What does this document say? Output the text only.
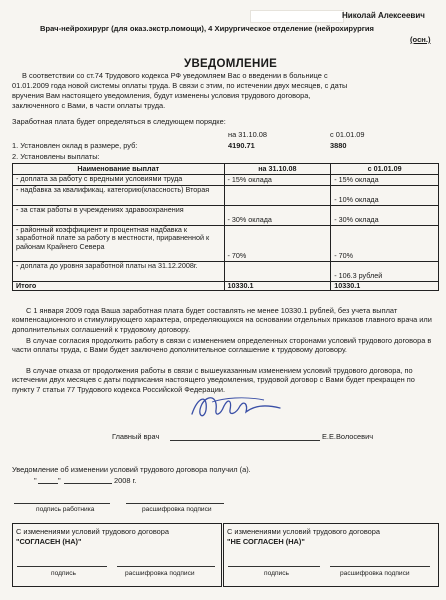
Николай Алексеевич
Врач-нейрохирург (для оказ.экстр.помощи), 4 Хирургическое отделение (нейрохирургия
(осн.)
УВЕДОМЛЕНИЕ
В соответствии со ст.74 Трудового кодекса РФ уведомляем Вас о введении в больнице с
01.01.2009 года новой системы оплаты труда. В связи с этим, по истечении двух месяцев, с даты
вручения Вам настоящего уведомления, будут изменены условия трудового договора,
заключенного с Вами, в части оплаты труда.
Заработная плата будет определяться в следующем порядке:
на 31.10.08	с 01.01.09
1. Установлен оклад в размере, руб:	4190.71	3880
2. Установлены выплаты:
Наименование выплат	на 31.10.08	с 01.01.09
- доплата за работу с вредными условиями труда	- 15% оклада	- 15% оклада
- надбавка за квалификац. категорию(классность) Вторая		- 10% оклада
- за стаж работы в учреждениях здравоохранения	- 30% оклада	- 30% оклада
- районный коэффициент и процентная надбавка к заработной плате за работу в местности, приравненной к районам Крайнего Севера	- 70%	- 70%
- доплата до уровня заработной платы на 31.12.2008г.		- 106.3 рублей
Итого	10330.1	10330.1
С 1 января 2009 года Ваша заработная плата будет составлять не менее 10330.1 рублей, без учета выплат компенсационного и стимулирующего характера, определяющихся на основании отдельных приказов главного врача или дополнительных соглашений к трудовому договору.
В случае согласия продолжить работу в связи с изменением определенных сторонами условий трудового договора в части оплаты труда, с Вами будет заключено дополнительное соглашение к трудовому договору.
В случае отказа от продолжения работы в связи с вышеуказанным изменением условий трудового договора, по истечении двух месяцев с даты подписания настоящего уведомления, трудовой договор с Вами будет прекращен по пункту 7 статьи 77 Трудового кодекса Российской Федерации.
Главный врач	Е.Е.Волосевич
Уведомление об изменении условий трудового договора получил (а).
"	"	2008 г.
подпись работника	расшифровка подписи
С изменениями условий трудового договора
"СОГЛАСЕН (НА)"
подпись	расшифровка подписи
С изменениями условий трудового договора
"НЕ СОГЛАСЕН (НА)"
подпись	расшифровка подписи
